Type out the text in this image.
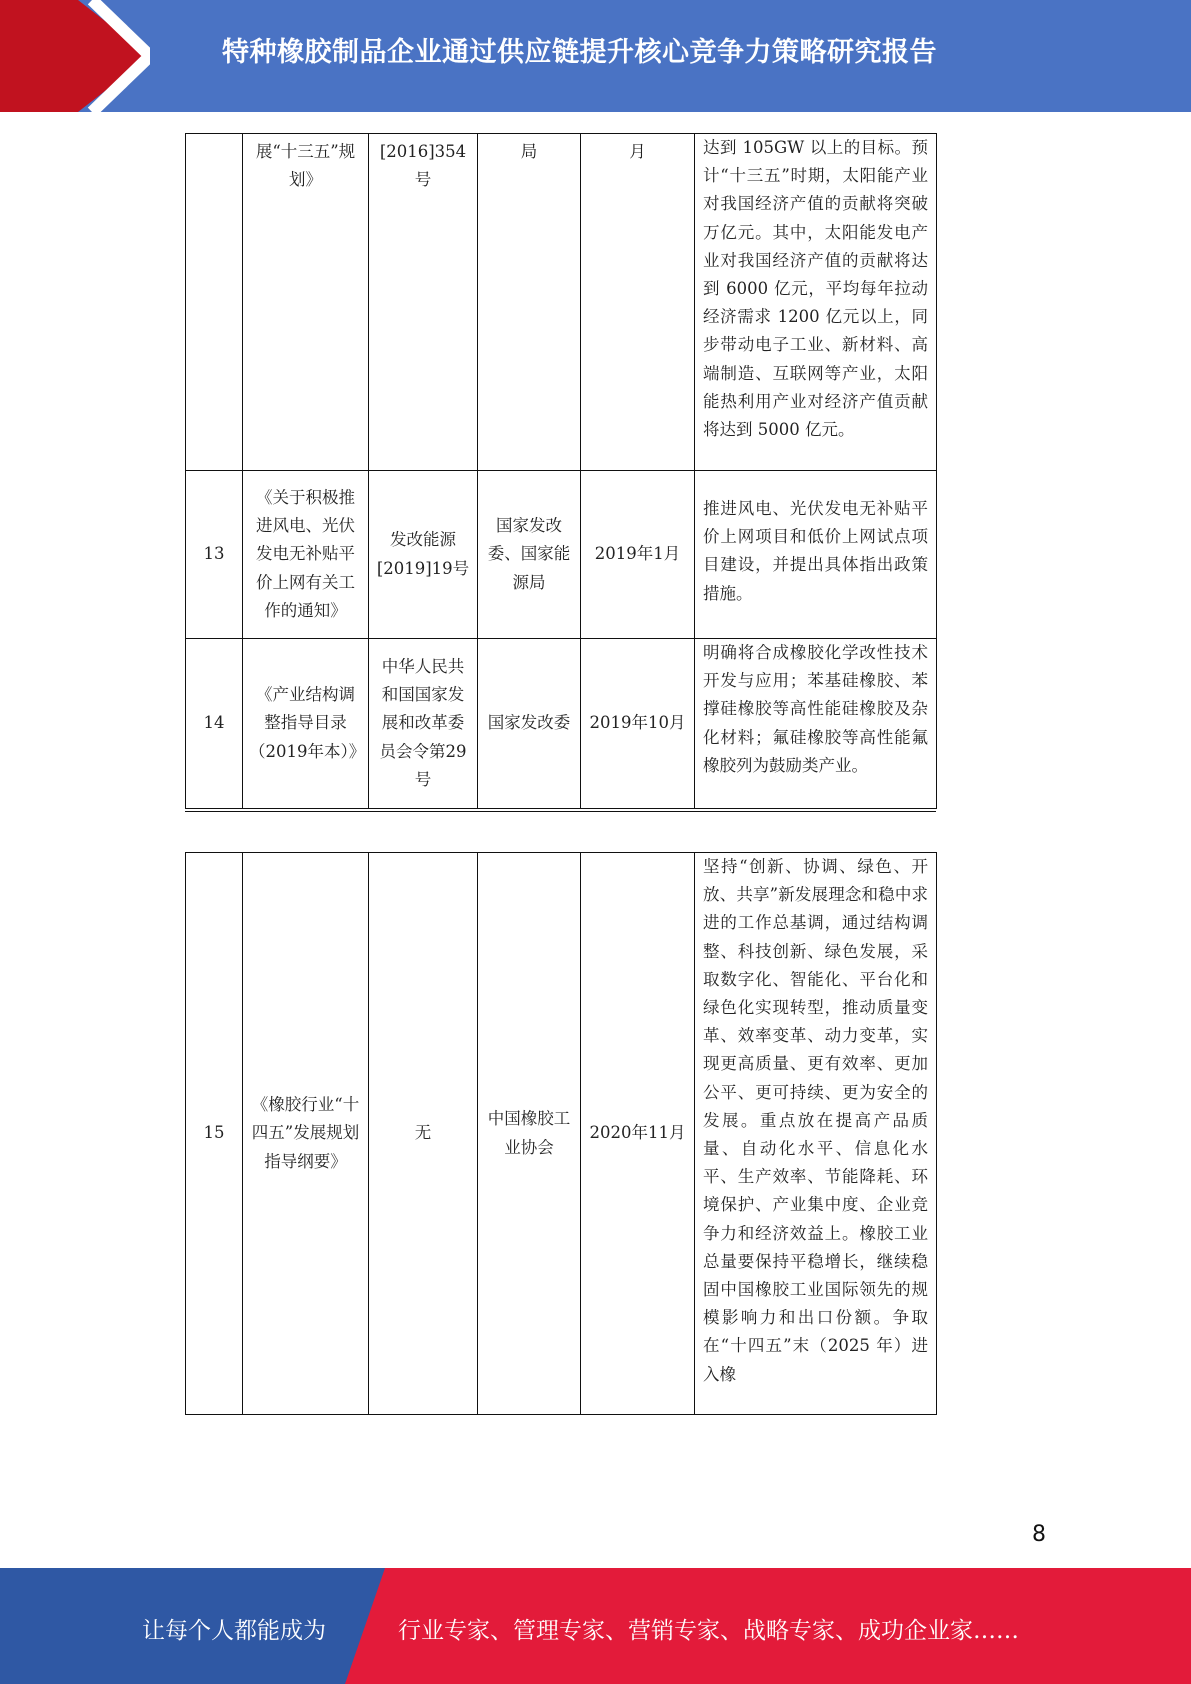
特种橡胶制品企业通过供应链提升核心竞争力策略研究报告
	展“十三五”规划》	[2016]354号	局	月	达到 105GW 以上的目标。预计“十三五”时期，太阳能产业对我国经济产值的贡献将突破万亿元。其中，太阳能发电产业对我国经济产值的贡献将达到 6000 亿元，平均每年拉动经济需求 1200 亿元以上，同步带动电子工业、新材料、高端制造、互联网等产业，太阳能热利用产业对经济产值贡献将达到 5000 亿元。
13	《关于积极推进风电、光伏发电无补贴平价上网有关工作的通知》	发改能源[2019]19号	国家发改委、国家能源局	2019年1月	推进风电、光伏发电无补贴平价上网项目和低价上网试点项目建设，并提出具体指出政策措施。
14	《产业结构调整指导目录（2019年本）》	中华人民共和国国家发展和改革委员会令第29号	国家发改委	2019年10月	明确将合成橡胶化学改性技术开发与应用；苯基硅橡胶、苯撑硅橡胶等高性能硅橡胶及杂化材料；氟硅橡胶等高性能氟橡胶列为鼓励类产业。
15	《橡胶行业“十四五”发展规划指导纲要》	无	中国橡胶工业协会	2020年11月	坚持“创新、协调、绿色、开放、共享”新发展理念和稳中求进的工作总基调，通过结构调整、科技创新、绿色发展，采取数字化、智能化、平台化和绿色化实现转型，推动质量变革、效率变革、动力变革，实现更高质量、更有效率、更加公平、更可持续、更为安全的发展。重点放在提高产品质量、自动化水平、信息化水平、生产效率、节能降耗、环境保护、产业集中度、企业竞争力和经济效益上。橡胶工业总量要保持平稳增长，继续稳固中国橡胶工业国际领先的规模影响力和出口份额。争取在“十四五”末（2025 年）进入橡
8
让每个人都能成为	行业专家、管理专家、营销专家、战略专家、成功企业家……
